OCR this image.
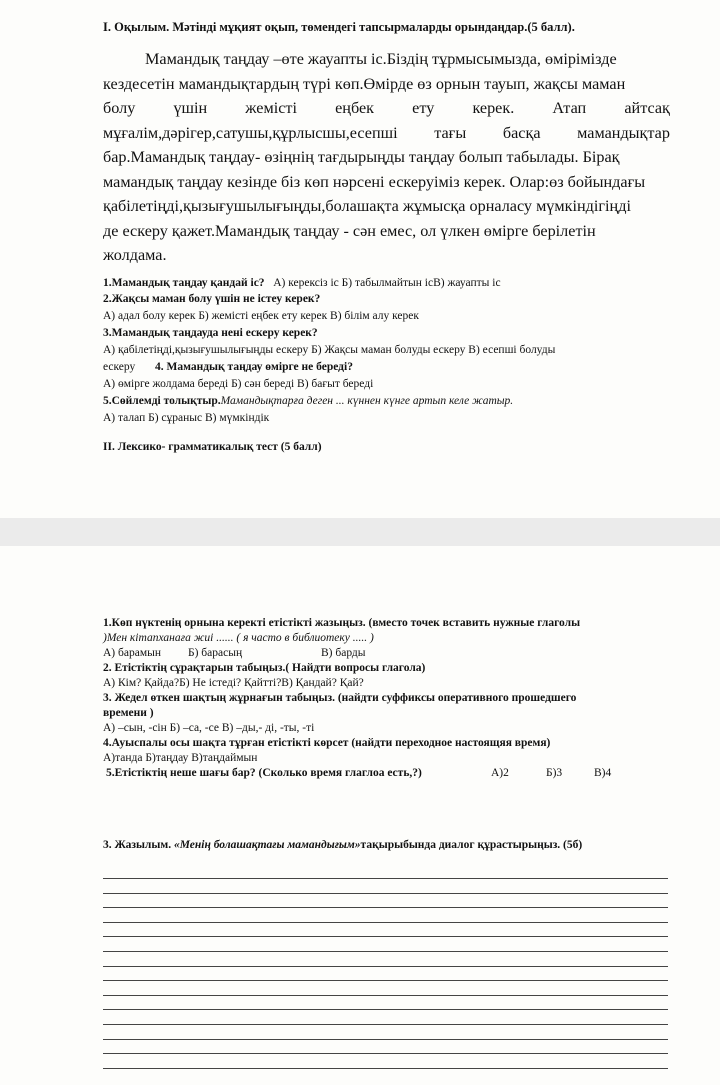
I. Оқылым. Мәтінді мұқият оқып, төмендегі тапсырмаларды орындаңдар.(5 балл).
Мамандық таңдау –өте жауапты іс.Біздің тұрмысымызда, өмірімізде
кездесетін мамандықтардың түрі көп.Өмірде өз орнын тауып, жақсы маман
болу үшін жемісті еңбек ету керек. Атап айтсақ
мұғалім,дәрігер,сатушы,құрлысшы,есепші тағы басқа мамандықтар
бар.Мамандық таңдау- өзіңнің тағдырыңды таңдау болып табылады. Бірақ
мамандық таңдау кезінде біз көп нәрсені ескеруіміз керек. Олар:өз бойындағы
қабілетіңді,қызығушылығыңды,болашақта жұмысқа орналасу мүмкіндігіңді
де ескеру қажет.Мамандық таңдау - сән емес, ол үлкен өмірге берілетін
жолдама.
1.Мамандық таңдау қандай іс? А) керексіз іс Б) табылмайтын ісВ) жауапты іс
2.Жақсы маман болу үшін не істеу керек?
А) адал болу керек Б) жемісті еңбек ету керек В) білім алу керек
3.Мамандық таңдауда нені ескеру керек?
А) қабілетіңді,қызығушылығыңды ескеру Б) Жақсы маман болуды ескеру В) есепші болуды
ескеру 4. Мамандық таңдау өмірге не береді?
А) өмірге жолдама береді Б) сән береді В) бағыт береді
5.Сөйлемді толықтыр.Мамандықтарға деген ... күннен күнге артып келе жатыр.
А) талап Б) сұраныс В) мүмкіндік
II. Лексико- грамматикалық тест (5 балл)
1.Көп нүктенің орнына керекті етістікті жазыңыз. (вместо точек вставить нужные глаголы
)Мен кітапханаға жиі ...... ( я часто в библиотеку ..... )
А) барамын Б) барасың	В) барды
2. Етістіктің сұрақтарын табыңыз.( Найдти вопросы глагола)
А) Кім? Қайда?Б) Не істеді? Қайтті?В) Қандай? Қай?
3. Жедел өткен шақтың жұрнағын табыңыз. (найдти суффиксы оперативного прошедшего
времени )
А) –сын, -сін Б) –са, -се В) –ды,- ді, -ты, -ті
4.Ауыспалы осы шақта тұрған етістікті көрсет (найдти переходное настоящяя время)
А)танда Б)таңдау В)таңдаймын
5.Етістіктің неше шағы бар? (Сколько время глаглоа есть,?)	А)2	Б)3	В)4
3. Жазылым. «Менің болашақтағы мамандығым»тақырыбында диалог құрастырыңыз. (5б)
